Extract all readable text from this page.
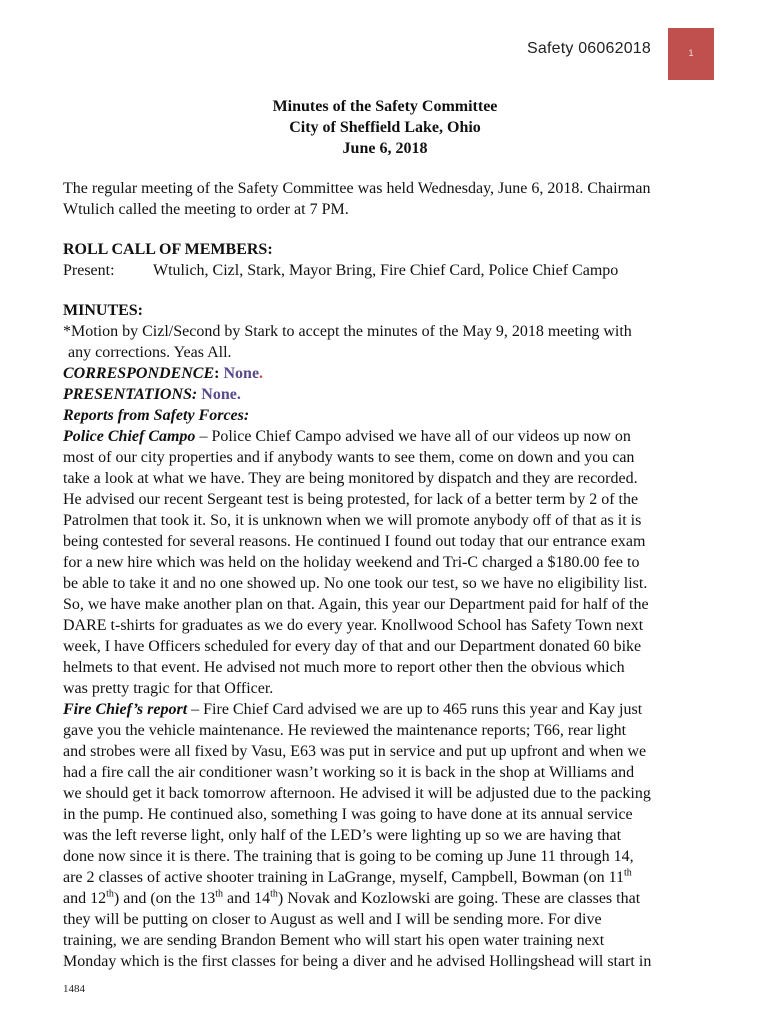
Safety 06062018	1
Minutes of the Safety Committee
City of Sheffield Lake, Ohio
June 6, 2018

The regular meeting of the Safety Committee was held Wednesday, June 6, 2018. Chairman

Wtulich called the meeting to order at 7 PM.

ROLL CALL OF MEMBERS:

Present:	Wtulich, Cizl, Stark, Mayor Bring, Fire Chief Card, Police Chief Campo

MINUTES:

*Motion by Cizl/Second by Stark to accept the minutes of the May 9, 2018 meeting with

any corrections. Yeas All.

CORRESPONDENCE: None.

PRESENTATIONS: None.

Reports from Safety Forces:

Police Chief Campo – Police Chief Campo advised we have all of our videos up now on

most of our city properties and if anybody wants to see them, come on down and you can

take a look at what we have. They are being monitored by dispatch and they are recorded.

He advised our recent Sergeant test is being protested, for lack of a better term by 2 of the

Patrolmen that took it. So, it is unknown when we will promote anybody off of that as it is

being contested for several reasons. He continued I found out today that our entrance exam

for a new hire which was held on the holiday weekend and Tri-C charged a $180.00 fee to

be able to take it and no one showed up. No one took our test, so we have no eligibility list.

So, we have make another plan on that. Again, this year our Department paid for half of the

DARE t-shirts for graduates as we do every year. Knollwood School has Safety Town next

week, I have Officers scheduled for every day of that and our Department donated 60 bike

helmets to that event. He advised not much more to report other then the obvious which

was pretty tragic for that Officer.

Fire Chief’s report – Fire Chief Card advised we are up to 465 runs this year and Kay just

gave you the vehicle maintenance. He reviewed the maintenance reports; T66, rear light

and strobes were all fixed by Vasu, E63 was put in service and put up upfront and when we

had a fire call the air conditioner wasn’t working so it is back in the shop at Williams and

we should get it back tomorrow afternoon. He advised it will be adjusted due to the packing

in the pump. He continued also, something I was going to have done at its annual service

was the left reverse light, only half of the LED’s were lighting up so we are having that

done now since it is there. The training that is going to be coming up June 11 through 14,

are 2 classes of active shooter training in LaGrange, myself, Campbell, Bowman (on 11th

and 12th) and (on the 13th and 14th) Novak and Kozlowski are going. These are classes that

they will be putting on closer to August as well and I will be sending more. For dive

training, we are sending Brandon Bement who will start his open water training next

Monday which is the first classes for being a diver and he advised Hollingshead will start in

1484
